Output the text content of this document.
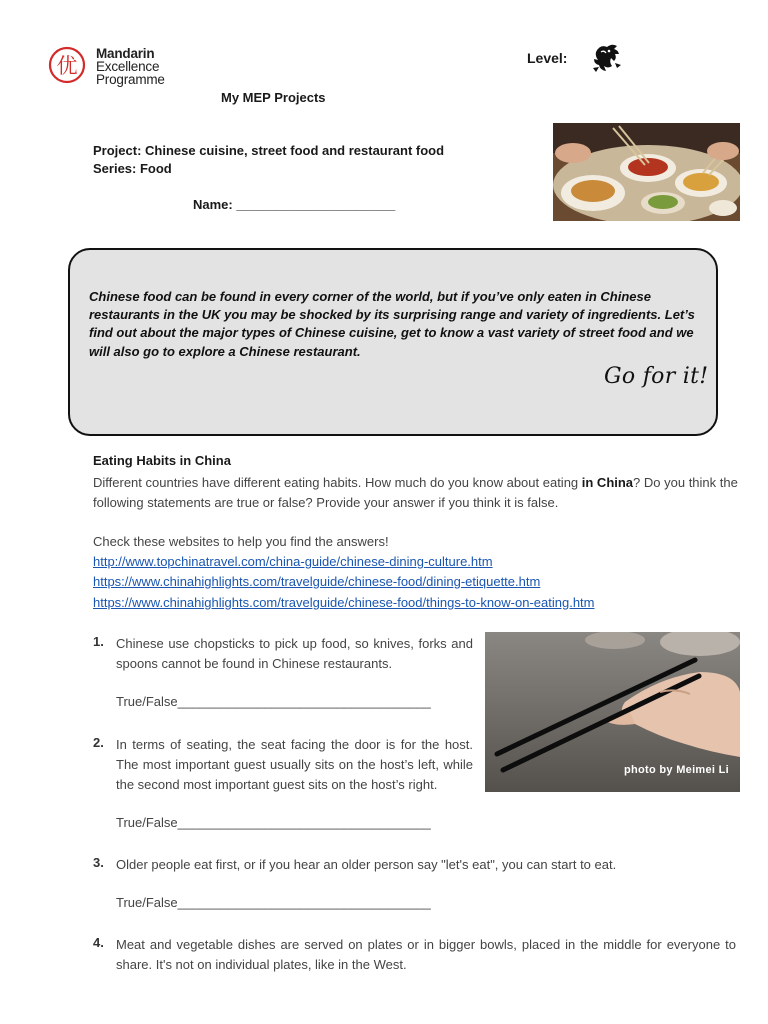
优
Mandarin
Excellence
Programme
Level:
My MEP Projects
Project: Chinese cuisine, street food and restaurant food
Series: Food
Name: ______________________
Chinese food can be found in every corner of the world, but if you’ve only eaten in Chinese restaurants in the UK you may be shocked by its surprising range and variety of ingredients. Let’s find out about the major types of Chinese cuisine, get to know a vast variety of street food and we will also go to explore a Chinese restaurant.
Go for it!
Eating Habits in China
Different countries have different eating habits. How much do you know about eating in China? Do you think the following statements are true or false? Provide your answer if you think it is false.
Check these websites to help you find the answers!
http://www.topchinatravel.com/china-guide/chinese-dining-culture.htm
https://www.chinahighlights.com/travelguide/chinese-food/dining-etiquette.htm
https://www.chinahighlights.com/travelguide/chinese-food/things-to-know-on-eating.htm
1. Chinese use chopsticks to pick up food, so knives, forks and spoons cannot be found in Chinese restaurants.
True/False___________________________________
photo by Meimei Li
2. In terms of seating, the seat facing the door is for the host. The most important guest usually sits on the host’s left, while the second most important guest sits on the host’s right.
True/False___________________________________
3. Older people eat first, or if you hear an older person say "let's eat", you can start to eat.
True/False___________________________________
4. Meat and vegetable dishes are served on plates or in bigger bowls, placed in the middle for everyone to share. It's not on individual plates, like in the West.
